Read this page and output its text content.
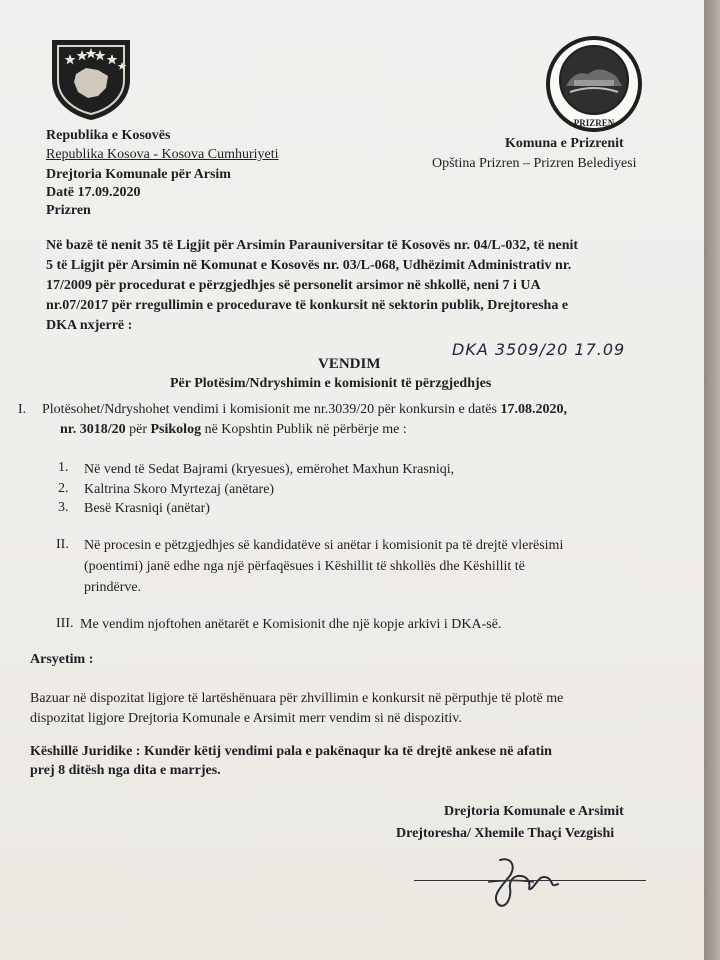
PRIZREN
Republika e Kosovës
Republika Kosova - Kosova Cumhuriyeti
Drejtoria Komunale për Arsim
Datë 17.09.2020
Prizren
Komuna e Prizrenit
Opština Prizren – Prizren Belediyesi
Në bazë të nenit 35 të Ligjit për Arsimin Parauniversitar të Kosovës nr. 04/L-032, të nenit
5 të Ligjit për Arsimin në Komunat e Kosovës nr. 03/L-068, Udhëzimit Administrativ nr.
17/2009 për procedurat e përzgjedhjes së personelit arsimor në shkollë, neni 7 i UA
nr.07/2017 për rregullimin e procedurave të konkursit në sektorin publik, Drejtoresha e
DKA nxjerrë :
DKA 3509/20 17.09
VENDIM
Për Plotësim/Ndryshimin e komisionit të përzgjedhjes
I. Plotësohet/Ndryshohet vendimi i komisionit me nr.3039/20 për konkursin e datës 17.08.2020,
nr. 3018/20 për Psikolog në Kopshtin Publik në përbërje me :
1. Në vend të Sedat Bajrami (kryesues), emërohet Maxhun Krasniqi,
2. Kaltrina Skoro Myrtezaj (anëtare)
3. Besë Krasniqi (anëtar)
II. Në procesin e pëtzgjedhjes së kandidatëve si anëtar i komisionit pa të drejtë vlerësimi
(poentimi) janë edhe nga një përfaqësues i Këshillit të shkollës dhe Këshillit të
prindërve.
III. Me vendim njoftohen anëtarët e Komisionit dhe një kopje arkivi i DKA-së.
Arsyetim :
Bazuar në dispozitat ligjore të lartëshënuara për zhvillimin e konkursit në përputhje të plotë me
dispozitat ligjore Drejtoria Komunale e Arsimit merr vendim si në dispozitiv.
Këshillë Juridike : Kundër këtij vendimi pala e pakënaqur ka të drejtë ankese në afatin
prej 8 ditësh nga dita e marrjes.
Drejtoria Komunale e Arsimit
Drejtoresha/ Xhemile Thaçi Vezgishi
